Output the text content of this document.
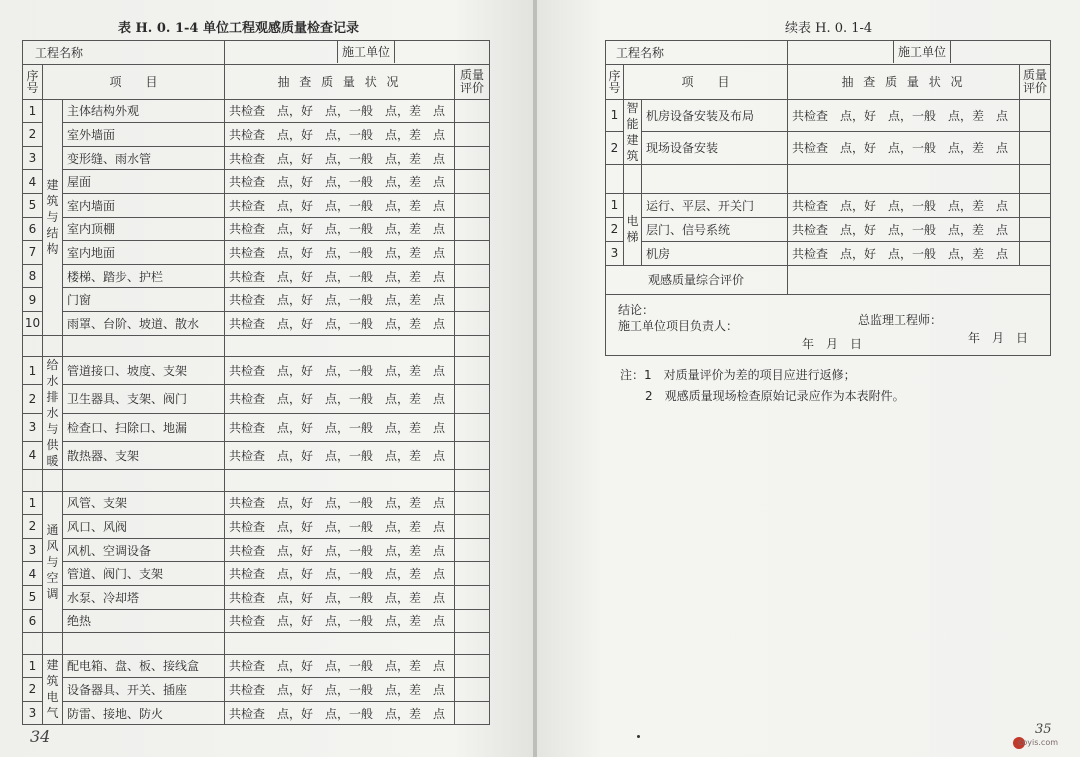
表 H. 0. 1-4 单位工程观感质量检查记录
工程名称			施工单位	
序号	项　　目		抽 查 质 量 状 况	质量评价
1	建筑与结构	主体结构外观	共检查　点，好　点，一般　点，差　点	
2		室外墙面	共检查　点，好　点，一般　点，差　点	
3		变形缝、雨水管	共检查　点，好　点，一般　点，差　点	
4		屋面	共检查　点，好　点，一般　点，差　点	
5		室内墙面	共检查　点，好　点，一般　点，差　点	
6		室内顶棚	共检查　点，好　点，一般　点，差　点	
7		室内地面	共检查　点，好　点，一般　点，差　点	
8		楼梯、踏步、护栏	共检查　点，好　点，一般　点，差　点	
9		门窗	共检查　点，好　点，一般　点，差　点	
10		雨罩、台阶、坡道、散水	共检查　点，好　点，一般　点，差　点	

1	给水排水与供暖	管道接口、坡度、支架	共检查　点，好　点，一般　点，差　点	
2		卫生器具、支架、阀门	共检查　点，好　点，一般　点，差　点	
3		检查口、扫除口、地漏	共检查　点，好　点，一般　点，差　点	
4		散热器、支架	共检查　点，好　点，一般　点，差　点	

1	通风与空调	风管、支架	共检查　点，好　点，一般　点，差　点	
2		风口、风阀	共检查　点，好　点，一般　点，差　点	
3		风机、空调设备	共检查　点，好　点，一般　点，差　点	
4		管道、阀门、支架	共检查　点，好　点，一般　点，差　点	
5		水泵、冷却塔	共检查　点，好　点，一般　点，差　点	
6		绝热	共检查　点，好　点，一般　点，差　点	

1	建筑电气	配电箱、盘、板、接线盒	共检查　点，好　点，一般　点，差　点	
2		设备器具、开关、插座	共检查　点，好　点，一般　点，差　点	
3		防雷、接地、防火	共检查　点，好　点，一般　点，差　点	
34
续表 H. 0. 1-4
工程名称			施工单位	
序号	项　　目		抽 查 质 量 状 况	质量评价
1	智能建筑	机房设备安装及布局	共检查　点，好　点，一般　点，差　点	
2		现场设备安装	共检查　点，好　点，一般　点，差　点	

1	电梯	运行、平层、开关门	共检查　点，好　点，一般　点，差　点	
2		层门、信号系统	共检查　点，好　点，一般　点，差　点	
3		机房	共检查　点，好　点，一般　点，差　点	
观感质量综合评价				

结论：
施工单位项目负责人： 总监理工程师：
年　月　日 年　月　日				
注：1　对质量评价为差的项目应进行返修；
2　观感质量现场检查原始记录应作为本表附件。
35
coyis.com
